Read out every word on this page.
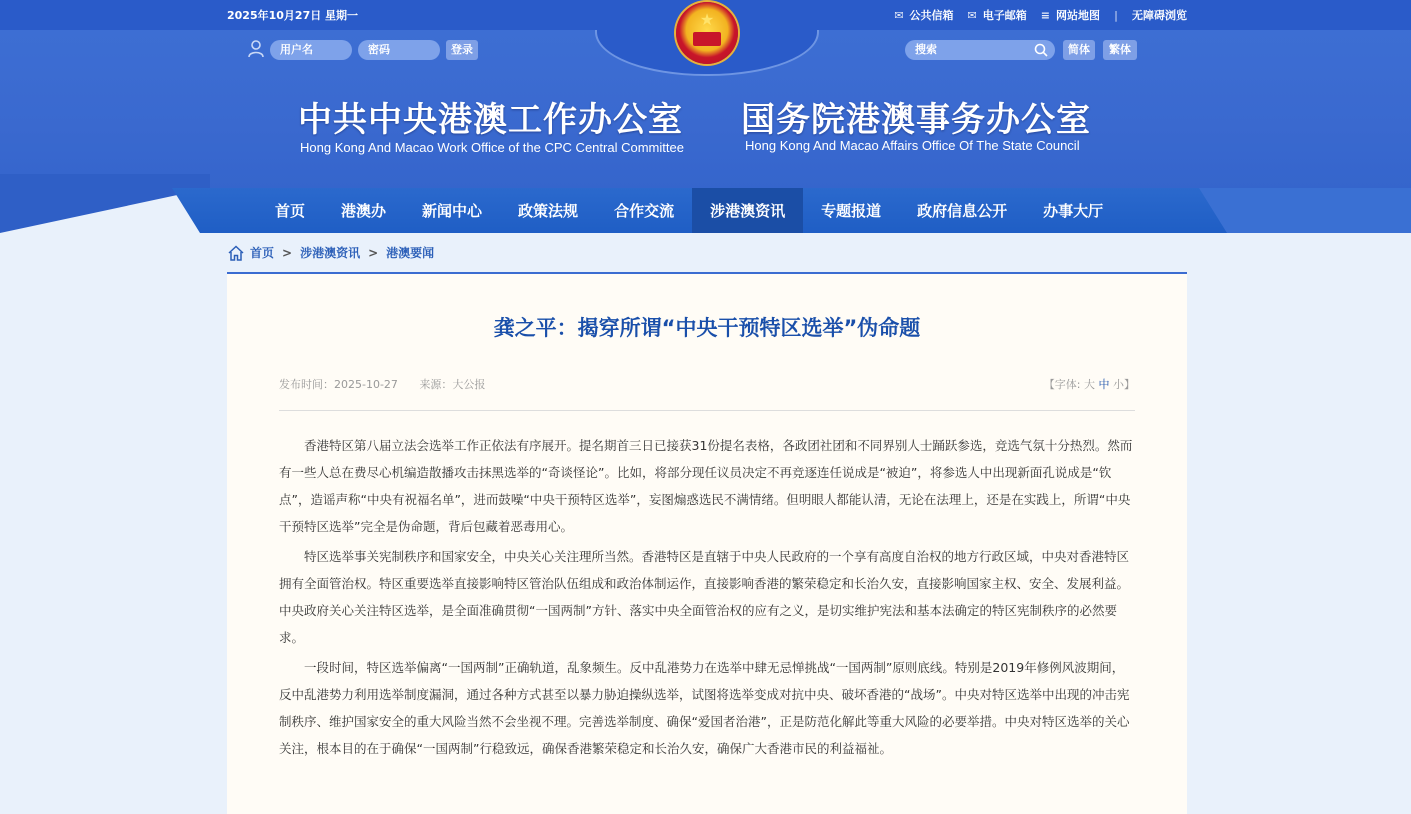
2025年10月27日 星期一	✉ 公共信箱 ✉ 电子邮箱 ≡ 网站地图 | 无障碍浏览
★
用户名	密码	登录	搜索	简体	繁体
中共中央港澳工作办公室
Hong Kong And Macao Work Office of the CPC Central Committee
国务院港澳事务办公室
Hong Kong And Macao Affairs Office Of The State Council
首页	港澳办	新闻中心	政策法规	合作交流	涉港澳资讯	专题报道	政府信息公开	办事大厅
首页 > 涉港澳资讯 > 港澳要闻
龚之平：揭穿所谓“中央干预特区选举”伪命题
发布时间：2025-10-27 来源：大公报	【字体: 大 中 小】

香港特区第八届立法会选举工作正依法有序展开。提名期首三日已接获31份提名表格，各政团社团和不同界别人士踊跃参选，竞选气氛十分热烈。然而有一些人总在费尽心机编造散播攻击抹黑选举的“奇谈怪论”。比如，将部分现任议员决定不再竞逐连任说成是“被迫”，将参选人中出现新面孔说成是“钦点”，造谣声称“中央有祝福名单”，进而鼓噪“中央干预特区选举”，妄图煽惑选民不满情绪。但明眼人都能认清，无论在法理上，还是在实践上，所谓“中央干预特区选举”完全是伪命题，背后包藏着恶毒用心。

特区选举事关宪制秩序和国家安全，中央关心关注理所当然。香港特区是直辖于中央人民政府的一个享有高度自治权的地方行政区域，中央对香港特区拥有全面管治权。特区重要选举直接影响特区管治队伍组成和政治体制运作，直接影响香港的繁荣稳定和长治久安，直接影响国家主权、安全、发展利益。中央政府关心关注特区选举，是全面准确贯彻“一国两制”方针、落实中央全面管治权的应有之义，是切实维护宪法和基本法确定的特区宪制秩序的必然要求。

一段时间，特区选举偏离“一国两制”正确轨道，乱象频生。反中乱港势力在选举中肆无忌惮挑战“一国两制”原则底线。特别是2019年修例风波期间，反中乱港势力利用选举制度漏洞，通过各种方式甚至以暴力胁迫操纵选举，试图将选举变成对抗中央、破坏香港的“战场”。中央对特区选举中出现的冲击宪制秩序、维护国家安全的重大风险当然不会坐视不理。完善选举制度、确保“爱国者治港”，正是防范化解此等重大风险的必要举措。中央对特区选举的关心关注，根本目的在于确保“一国两制”行稳致远，确保香港繁荣稳定和长治久安，确保广大香港市民的利益福祉。
